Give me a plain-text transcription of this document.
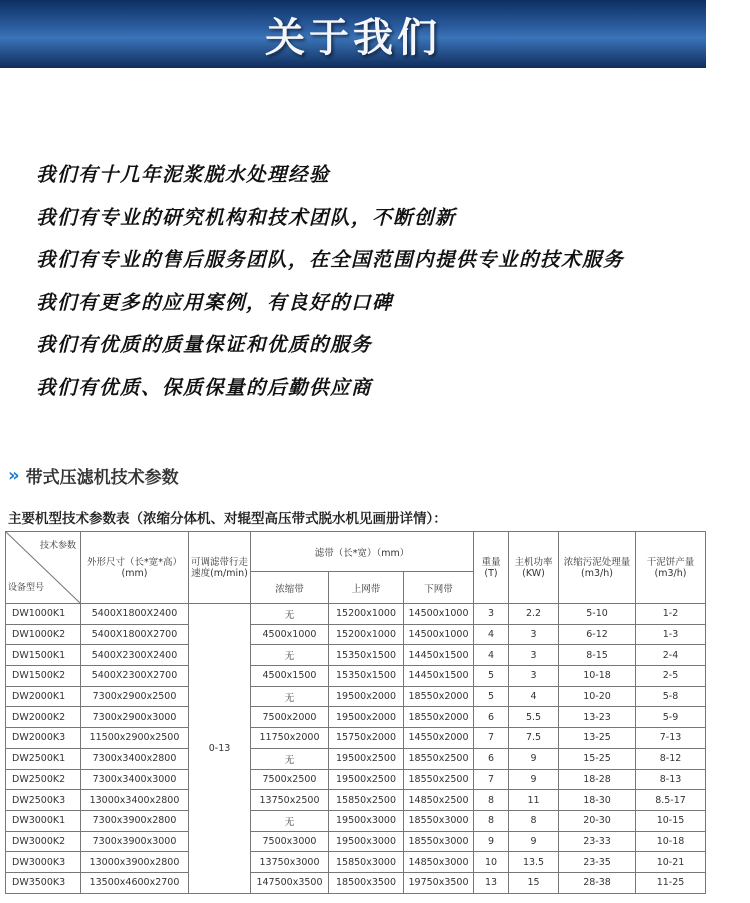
关于我们
我们有十几年泥浆脱水处理经验
我们有专业的研究机构和技术团队，不断创新
我们有专业的售后服务团队，在全国范围内提供专业的技术服务
我们有更多的应用案例，有良好的口碑
我们有优质的质量保证和优质的服务
我们有优质、保质保量的后勤供应商
» 带式压滤机技术参数
主要机型技术参数表（浓缩分体机、对辊型高压带式脱水机见画册详情）：
技术参数
设备型号	外形尺寸（长*宽*高）(mm)	可调滤带行走速度(m/min)	滤带（长*宽）（mm）			重量(T)	主机功率(KW)	浓缩污泥处理量(m3/h)	干泥饼产量(m3/h)
			浓缩带	上网带	下网带				
DW1000K1	5400X1800X2400	0-13	无	15200x1000	14500x1000	3	2.2	5-10	1-2
DW1000K2	5400X1800X2700		4500x1000	15200x1000	14500x1000	4	3	6-12	1-3
DW1500K1	5400X2300X2400		无	15350x1500	14450x1500	4	3	8-15	2-4
DW1500K2	5400X2300X2700		4500x1500	15350x1500	14450x1500	5	3	10-18	2-5
DW2000K1	7300x2900x2500		无	19500x2000	18550x2000	5	4	10-20	5-8
DW2000K2	7300x2900x3000		7500x2000	19500x2000	18550x2000	6	5.5	13-23	5-9
DW2000K3	11500x2900x2500		11750x2000	15750x2000	14550x2000	7	7.5	13-25	7-13
DW2500K1	7300x3400x2800		无	19500x2500	18550x2500	6	9	15-25	8-12
DW2500K2	7300x3400x3000		7500x2500	19500x2500	18550x2500	7	9	18-28	8-13
DW2500K3	13000x3400x2800		13750x2500	15850x2500	14850x2500	8	11	18-30	8.5-17
DW3000K1	7300x3900x2800		无	19500x3000	18550x3000	8	8	20-30	10-15
DW3000K2	7300x3900x3000		7500x3000	19500x3000	18550x3000	9	9	23-33	10-18
DW3000K3	13000x3900x2800		13750x3000	15850x3000	14850x3000	10	13.5	23-35	10-21
DW3500K3	13500x4600x2700		147500x3500	18500x3500	19750x3500	13	15	28-38	11-25
